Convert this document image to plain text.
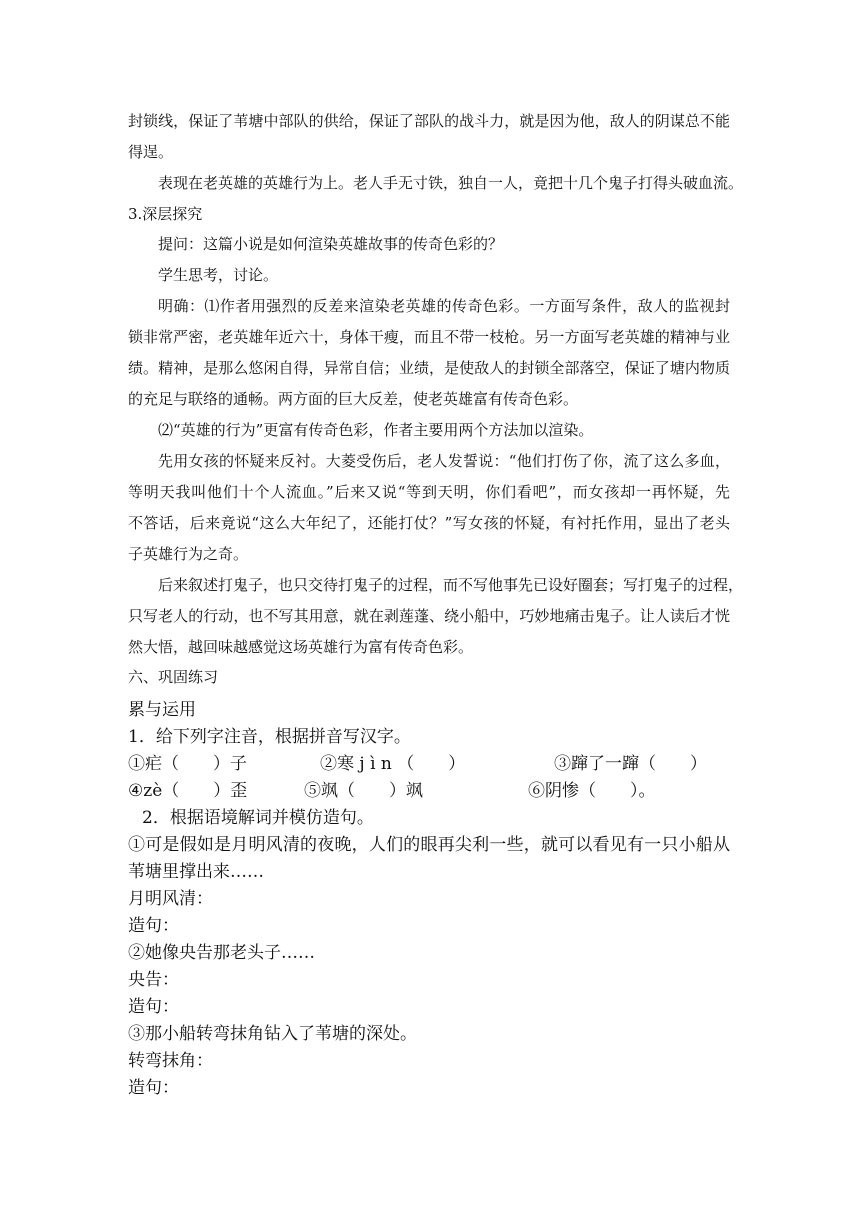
封锁线，保证了苇塘中部队的供给，保证了部队的战斗力，就是因为他，敌人的阴谋总不能
得逞。
表现在老英雄的英雄行为上。老人手无寸铁，独自一人，竟把十几个鬼子打得头破血流。
3.深层探究
提问：这篇小说是如何渲染英雄故事的传奇色彩的？
学生思考，讨论。
明确：⑴作者用强烈的反差来渲染老英雄的传奇色彩。一方面写条件，敌人的监视封
锁非常严密，老英雄年近六十，身体干瘦，而且不带一枝枪。另一方面写老英雄的精神与业
绩。精神，是那么悠闲自得，异常自信；业绩，是使敌人的封锁全部落空，保证了塘内物质
的充足与联络的通畅。两方面的巨大反差，使老英雄富有传奇色彩。
⑵“英雄的行为”更富有传奇色彩，作者主要用两个方法加以渲染。
先用女孩的怀疑来反衬。大菱受伤后，老人发誓说：“他们打伤了你，流了这么多血，
等明天我叫他们十个人流血。”后来又说“等到天明，你们看吧”，而女孩却一再怀疑，先
不答话，后来竟说“这么大年纪了，还能打仗？”写女孩的怀疑，有衬托作用，显出了老头
子英雄行为之奇。
后来叙述打鬼子，也只交待打鬼子的过程，而不写他事先已设好圈套；写打鬼子的过程，
只写老人的行动，也不写其用意，就在剥莲蓬、绕小船中，巧妙地痛击鬼子。让人读后才恍
然大悟，越回味越感觉这场英雄行为富有传奇色彩。
六、巩固练习
累与运用
1．给下列字注音，根据拼音写汉字。
①疟（　　）子	②寒 j ì n （　　）	③蹿了一蹿（　　）
④zè（　　）歪	⑤飒（　　）飒	⑥阴惨（　　）。
2．根据语境解词并模仿造句。
①可是假如是月明风清的夜晚，人们的眼再尖利一些，就可以看见有一只小船从
苇塘里撑出来……
月明风清：
造句：
②她像央告那老头子……
央告：
造句：
③那小船转弯抹角钻入了苇塘的深处。
转弯抹角：
造句：
